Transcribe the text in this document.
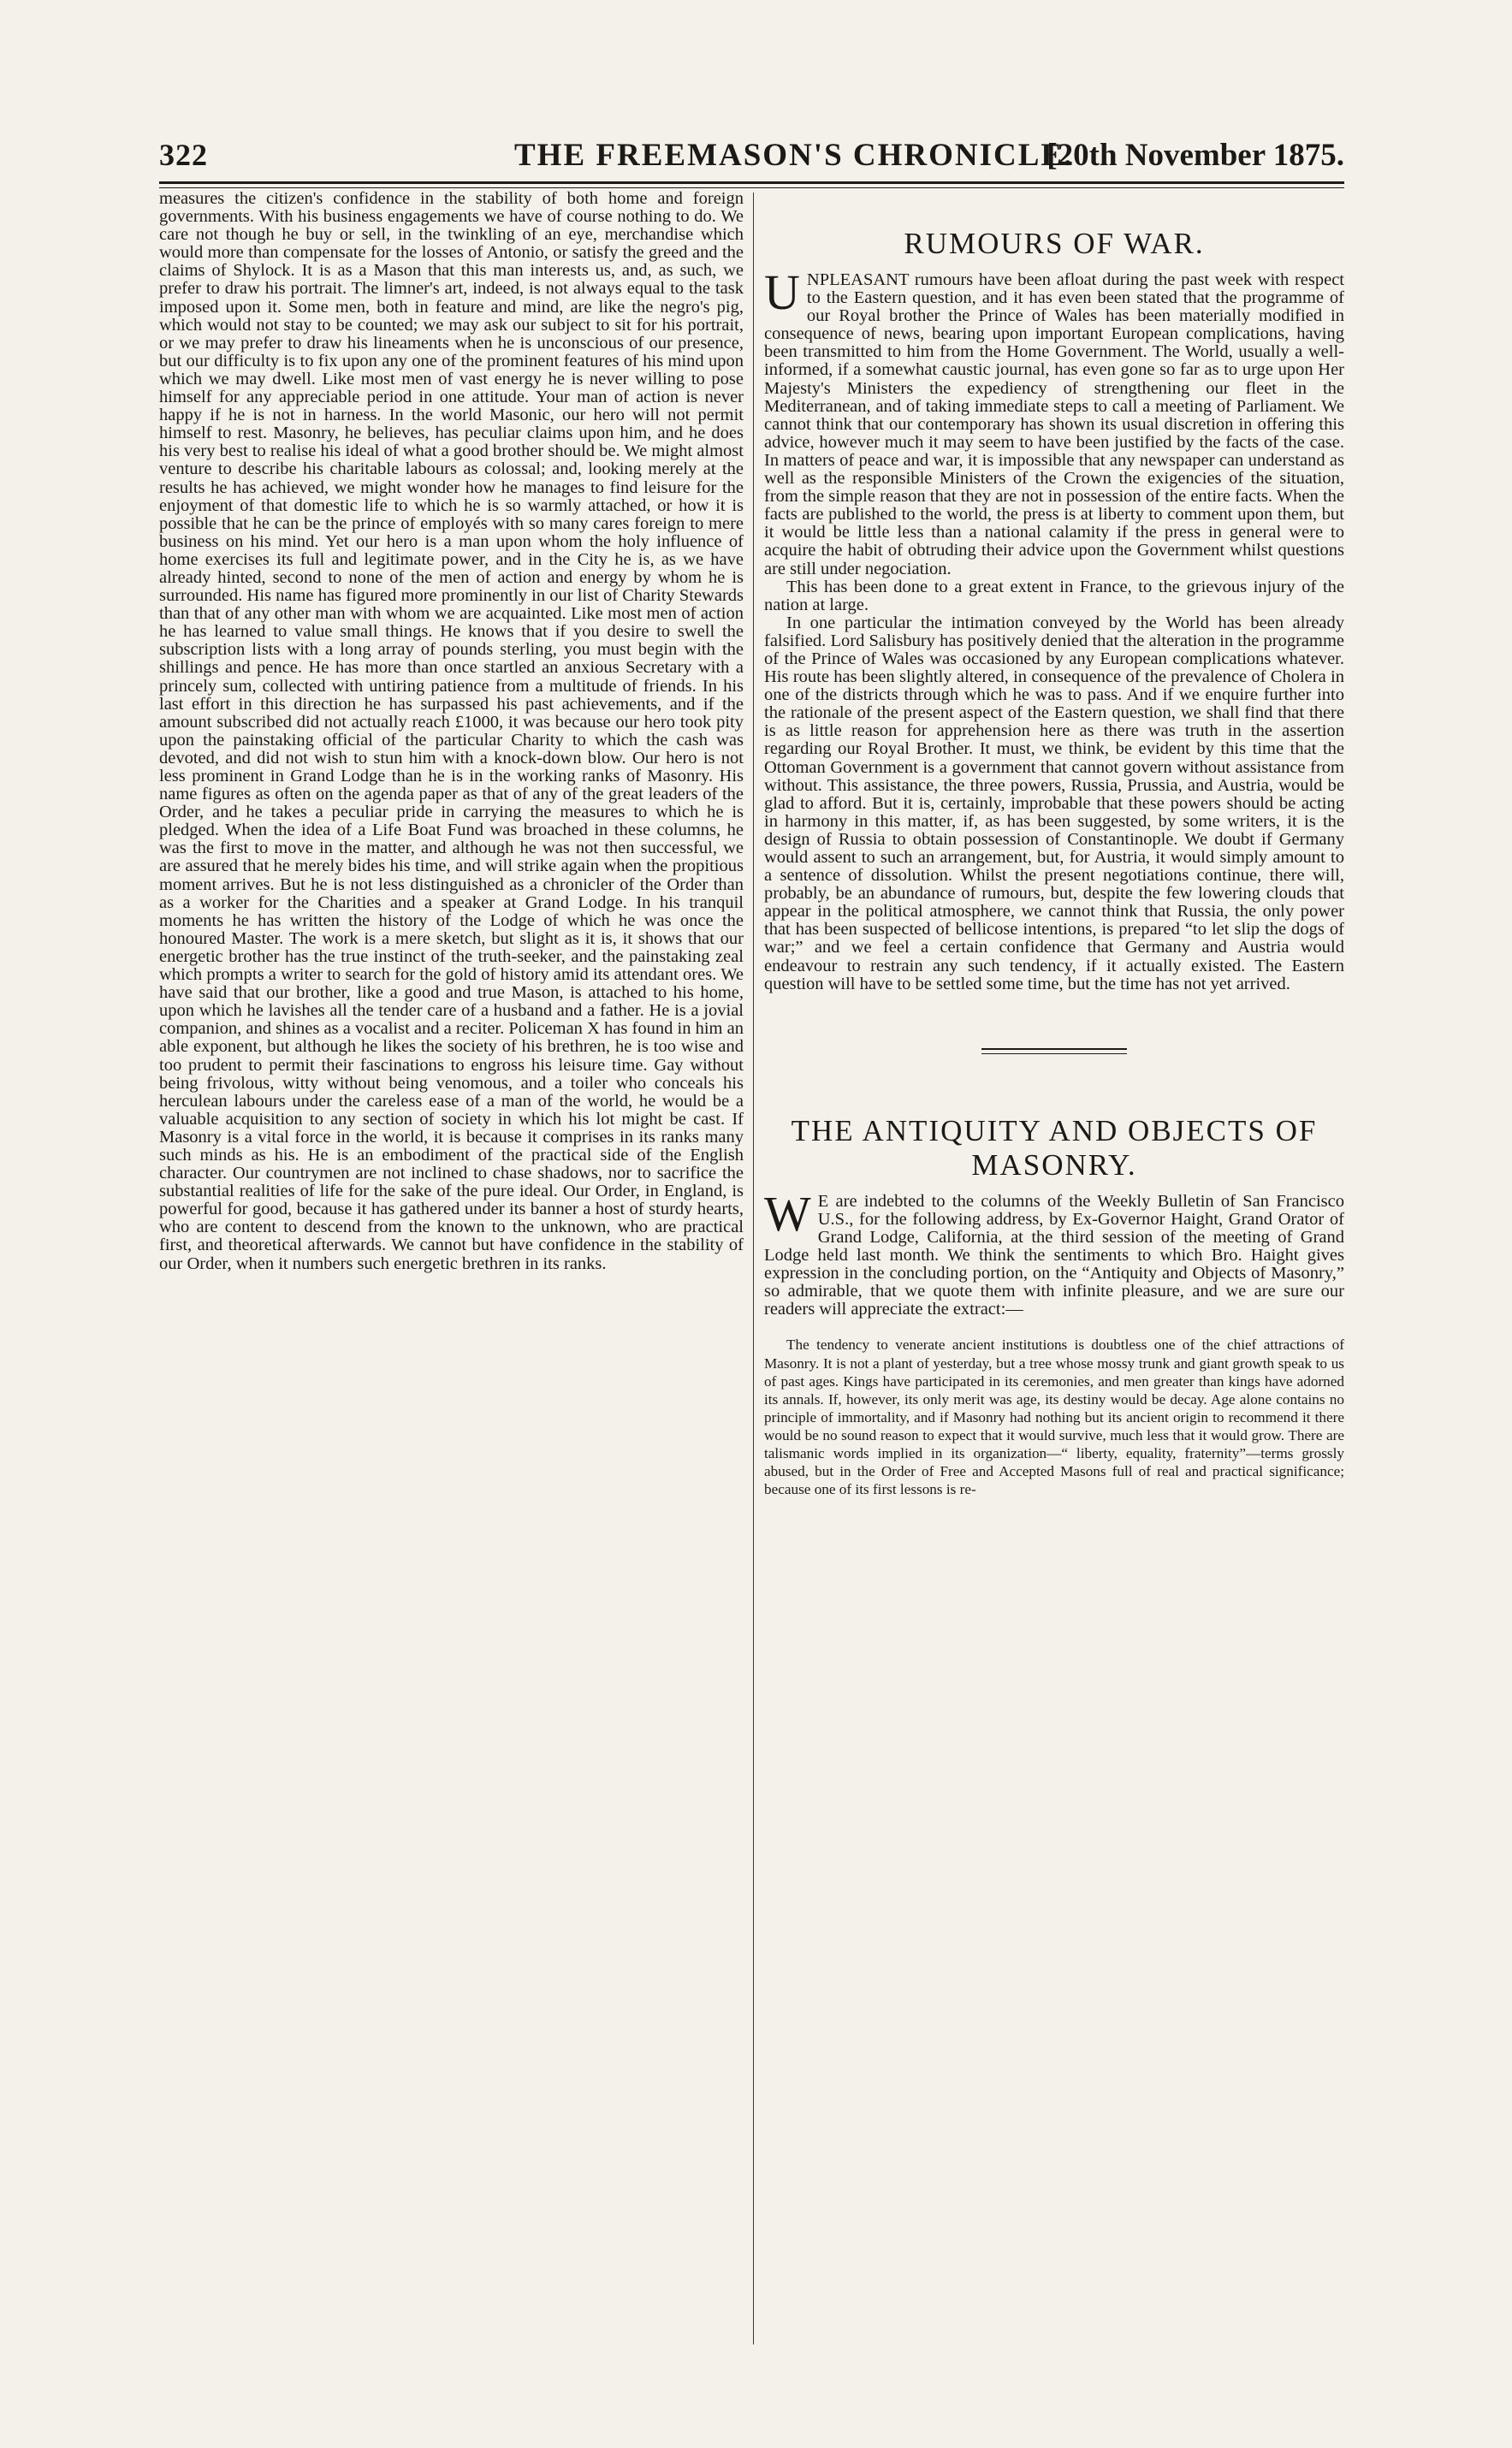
322	THE FREEMASON'S CHRONICLE.
[20th November 1875.

measures the citizen's confidence in the stability of both home and foreign governments. With his business engagements we have of course nothing to do. We care not though he buy or sell, in the twinkling of an eye, merchandise which would more than compensate for the losses of Antonio, or satisfy the greed and the claims of Shylock. It is as a Mason that this man interests us, and, as such, we prefer to draw his portrait. The limner's art, indeed, is not always equal to the task imposed upon it. Some men, both in feature and mind, are like the negro's pig, which would not stay to be counted; we may ask our subject to sit for his portrait, or we may prefer to draw his lineaments when he is unconscious of our presence, but our difficulty is to fix upon any one of the prominent features of his mind upon which we may dwell. Like most men of vast energy he is never willing to pose himself for any appreciable period in one attitude. Your man of action is never happy if he is not in harness. In the world Masonic, our hero will not permit himself to rest. Masonry, he believes, has peculiar claims upon him, and he does his very best to realise his ideal of what a good brother should be. We might almost venture to describe his charitable labours as colossal; and, looking merely at the results he has achieved, we might wonder how he manages to find leisure for the enjoyment of that domestic life to which he is so warmly attached, or how it is possible that he can be the prince of employés with so many cares foreign to mere business on his mind. Yet our hero is a man upon whom the holy influence of home exercises its full and legitimate power, and in the City he is, as we have already hinted, second to none of the men of action and energy by whom he is surrounded. His name has figured more prominently in our list of Charity Stewards than that of any other man with whom we are acquainted. Like most men of action he has learned to value small things. He knows that if you desire to swell the subscription lists with a long array of pounds sterling, you must begin with the shillings and pence. He has more than once startled an anxious Secretary with a princely sum, collected with untiring patience from a multitude of friends. In his last effort in this direction he has surpassed his past achievements, and if the amount subscribed did not actually reach £1000, it was because our hero took pity upon the painstaking official of the particular Charity to which the cash was devoted, and did not wish to stun him with a knock-down blow. Our hero is not less prominent in Grand Lodge than he is in the working ranks of Masonry. His name figures as often on the agenda paper as that of any of the great leaders of the Order, and he takes a peculiar pride in carrying the measures to which he is pledged. When the idea of a Life Boat Fund was broached in these columns, he was the first to move in the matter, and although he was not then successful, we are assured that he merely bides his time, and will strike again when the propitious moment arrives. But he is not less distinguished as a chronicler of the Order than as a worker for the Charities and a speaker at Grand Lodge. In his tranquil moments he has written the history of the Lodge of which he was once the honoured Master. The work is a mere sketch, but slight as it is, it shows that our energetic brother has the true instinct of the truth-seeker, and the painstaking zeal which prompts a writer to search for the gold of history amid its attendant ores. We have said that our brother, like a good and true Mason, is attached to his home, upon which he lavishes all the tender care of a husband and a father. He is a jovial companion, and shines as a vocalist and a reciter. Policeman X has found in him an able exponent, but although he likes the society of his brethren, he is too wise and too prudent to permit their fascinations to engross his leisure time. Gay without being frivolous, witty without being venomous, and a toiler who conceals his herculean labours under the careless ease of a man of the world, he would be a valuable acquisition to any section of society in which his lot might be cast. If Masonry is a vital force in the world, it is because it comprises in its ranks many such minds as his. He is an embodiment of the practical side of the English character. Our countrymen are not inclined to chase shadows, nor to sacrifice the substantial realities of life for the sake of the pure ideal. Our Order, in England, is powerful for good, because it has gathered under its banner a host of sturdy hearts, who are content to descend from the known to the unknown, who are practical first, and theoretical afterwards. We cannot but have confidence in the stability of our Order, when it numbers such energetic brethren in its ranks.

RUMOURS OF WAR.

UNPLEASANT rumours have been afloat during the past week with respect to the Eastern question, and it has even been stated that the programme of our Royal brother the Prince of Wales has been materially modified in consequence of news, bearing upon important European complications, having been transmitted to him from the Home Government. The World, usually a well-informed, if a somewhat caustic journal, has even gone so far as to urge upon Her Majesty's Ministers the expediency of strengthening our fleet in the Mediterranean, and of taking immediate steps to call a meeting of Parliament. We cannot think that our contemporary has shown its usual discretion in offering this advice, however much it may seem to have been justified by the facts of the case. In matters of peace and war, it is impossible that any newspaper can understand as well as the responsible Ministers of the Crown the exigencies of the situation, from the simple reason that they are not in possession of the entire facts. When the facts are published to the world, the press is at liberty to comment upon them, but it would be little less than a national calamity if the press in general were to acquire the habit of obtruding their advice upon the Government whilst questions are still under negociation.

This has been done to a great extent in France, to the grievous injury of the nation at large.

In one particular the intimation conveyed by the World has been already falsified. Lord Salisbury has positively denied that the alteration in the programme of the Prince of Wales was occasioned by any European complications whatever. His route has been slightly altered, in consequence of the prevalence of Cholera in one of the districts through which he was to pass. And if we enquire further into the rationale of the present aspect of the Eastern question, we shall find that there is as little reason for apprehension here as there was truth in the assertion regarding our Royal Brother. It must, we think, be evident by this time that the Ottoman Government is a government that cannot govern without assistance from without. This assistance, the three powers, Russia, Prussia, and Austria, would be glad to afford. But it is, certainly, improbable that these powers should be acting in harmony in this matter, if, as has been suggested, by some writers, it is the design of Russia to obtain possession of Constantinople. We doubt if Germany would assent to such an arrangement, but, for Austria, it would simply amount to a sentence of dissolution. Whilst the present negotiations continue, there will, probably, be an abundance of rumours, but, despite the few lowering clouds that appear in the political atmosphere, we cannot think that Russia, the only power that has been suspected of bellicose intentions, is prepared “to let slip the dogs of war;” and we feel a certain confidence that Germany and Austria would endeavour to restrain any such tendency, if it actually existed. The Eastern question will have to be settled some time, but the time has not yet arrived.

THE ANTIQUITY AND OBJECTS OF MASONRY.

W E are indebted to the columns of the Weekly Bulletin of San Francisco U.S., for the following address, by Ex-Governor Haight, Grand Orator of Grand Lodge, California, at the third session of the meeting of Grand Lodge held last month. We think the sentiments to which Bro. Haight gives expression in the concluding portion, on the “Antiquity and Objects of Masonry,” so admirable, that we quote them with infinite pleasure, and we are sure our readers will appreciate the extract:—

The tendency to venerate ancient institutions is doubtless one of the chief attractions of Masonry. It is not a plant of yesterday, but a tree whose mossy trunk and giant growth speak to us of past ages. Kings have participated in its ceremonies, and men greater than kings have adorned its annals. If, however, its only merit was age, its destiny would be decay. Age alone contains no principle of immortality, and if Masonry had nothing but its ancient origin to recommend it there would be no sound reason to expect that it would survive, much less that it would grow. There are talismanic words implied in its organization—“ liberty, equality, fraternity”—terms grossly abused, but in the Order of Free and Accepted Masons full of real and practical significance; because one of its first lessons is re-
